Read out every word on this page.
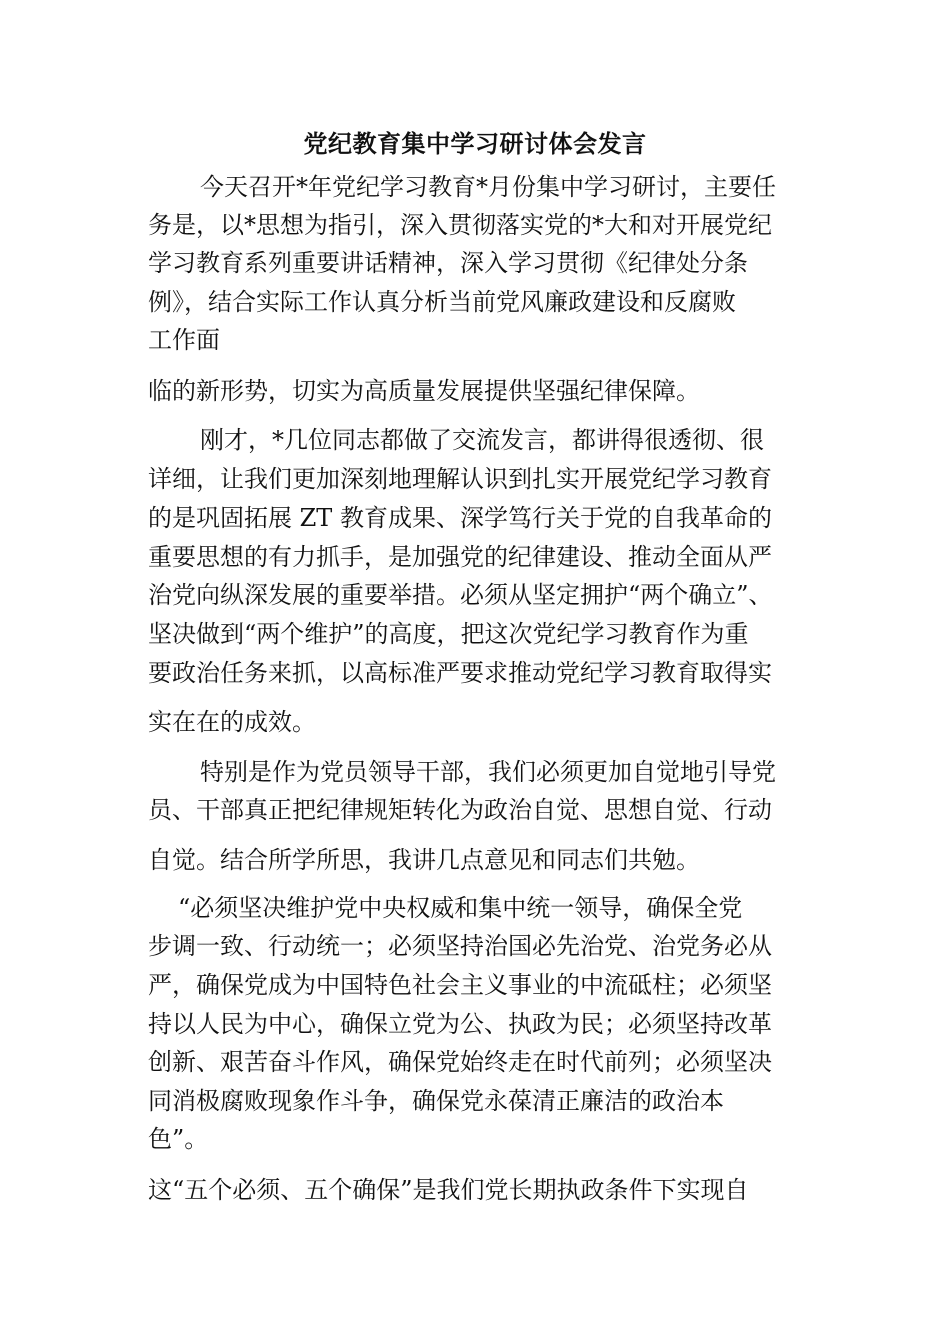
党纪教育集中学习研讨体会发言
今天召开*年党纪学习教育*月份集中学习研讨，主要任
务是，以*思想为指引，深入贯彻落实党的*大和对开展党纪
学习教育系列重要讲话精神，深入学习贯彻《纪律处分条
例》，结合实际工作认真分析当前党风廉政建设和反腐败
工作面
临的新形势，切实为高质量发展提供坚强纪律保障。
刚才，*几位同志都做了交流发言，都讲得很透彻、很
详细，让我们更加深刻地理解认识到扎实开展党纪学习教育
的是巩固拓展 ZT 教育成果、深学笃行关于党的自我革命的
重要思想的有力抓手，是加强党的纪律建设、推动全面从严
治党向纵深发展的重要举措。必须从坚定拥护“两个确立”、
坚决做到“两个维护”的高度，把这次党纪学习教育作为重
要政治任务来抓，以高标准严要求推动党纪学习教育取得实
实在在的成效。
特别是作为党员领导干部，我们必须更加自觉地引导党
员、干部真正把纪律规矩转化为政治自觉、思想自觉、行动
自觉。结合所学所思，我讲几点意见和同志们共勉。
“必须坚决维护党中央权威和集中统一领导，确保全党
步调一致、行动统一；必须坚持治国必先治党、治党务必从
严，确保党成为中国特色社会主义事业的中流砥柱；必须坚
持以人民为中心，确保立党为公、执政为民；必须坚持改革
创新、艰苦奋斗作风，确保党始终走在时代前列；必须坚决
同消极腐败现象作斗争，确保党永葆清正廉洁的政治本
色”。
这“五个必须、五个确保”是我们党长期执政条件下实现自
